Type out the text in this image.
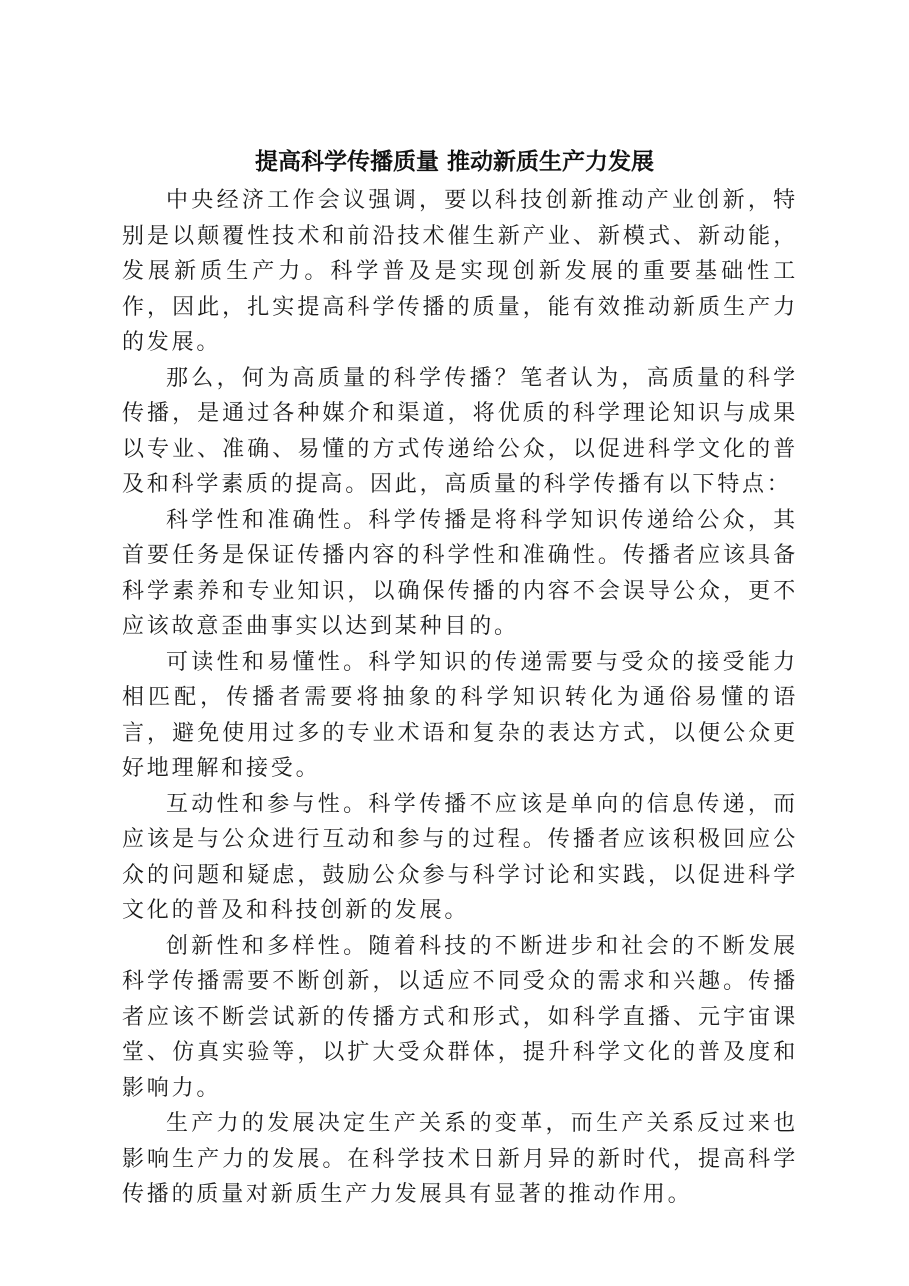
提高科学传播质量 推动新质生产力发展

中央经济工作会议强调，要以科技创新推动产业创新，特别是以颠覆性技术和前沿技术催生新产业、新模式、新动能，发展新质生产力。科学普及是实现创新发展的重要基础性工作，因此，扎实提高科学传播的质量，能有效推动新质生产力的发展。

那么，何为高质量的科学传播？笔者认为，高质量的科学传播，是通过各种媒介和渠道，将优质的科学理论知识与成果以专业、准确、易懂的方式传递给公众，以促进科学文化的普及和科学素质的提高。因此，高质量的科学传播有以下特点：

科学性和准确性。科学传播是将科学知识传递给公众，其首要任务是保证传播内容的科学性和准确性。传播者应该具备科学素养和专业知识，以确保传播的内容不会误导公众，更不应该故意歪曲事实以达到某种目的。

可读性和易懂性。科学知识的传递需要与受众的接受能力相匹配，传播者需要将抽象的科学知识转化为通俗易懂的语言，避免使用过多的专业术语和复杂的表达方式，以便公众更好地理解和接受。

互动性和参与性。科学传播不应该是单向的信息传递，而应该是与公众进行互动和参与的过程。传播者应该积极回应公众的问题和疑虑，鼓励公众参与科学讨论和实践，以促进科学文化的普及和科技创新的发展。

创新性和多样性。随着科技的不断进步和社会的不断发展科学传播需要不断创新，以适应不同受众的需求和兴趣。传播者应该不断尝试新的传播方式和形式，如科学直播、元宇宙课堂、仿真实验等，以扩大受众群体，提升科学文化的普及度和影响力。

生产力的发展决定生产关系的变革，而生产关系反过来也影响生产力的发展。在科学技术日新月异的新时代，提高科学传播的质量对新质生产力发展具有显著的推动作用。
